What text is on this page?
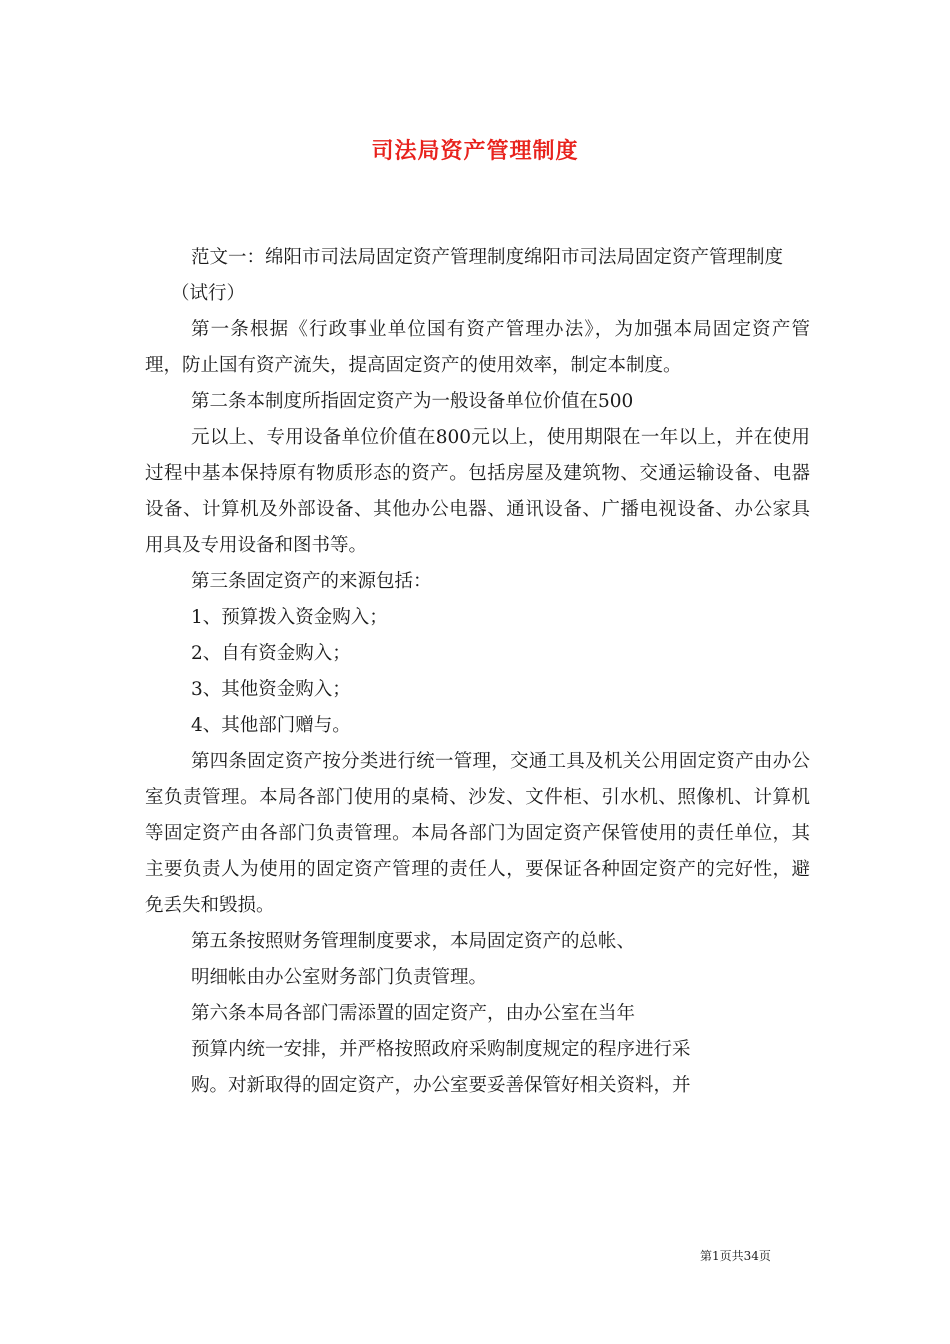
司法局资产管理制度

范文一：绵阳市司法局固定资产管理制度绵阳市司法局固定资产管理制度

（试行）

第一条根据《行政事业单位国有资产管理办法》，为加强本局固定资产管理，防止国有资产流失，提高固定资产的使用效率，制定本制度。

第二条本制度所指固定资产为一般设备单位价值在500

元以上、专用设备单位价值在800元以上，使用期限在一年以上，并在使用过程中基本保持原有物质形态的资产。包括房屋及建筑物、交通运输设备、电器设备、计算机及外部设备、其他办公电器、通讯设备、广播电视设备、办公家具用具及专用设备和图书等。

第三条固定资产的来源包括：

1、预算拨入资金购入；

2、自有资金购入；

3、其他资金购入；

4、其他部门赠与。

第四条固定资产按分类进行统一管理，交通工具及机关公用固定资产由办公室负责管理。本局各部门使用的桌椅、沙发、文件柜、引水机、照像机、计算机等固定资产由各部门负责管理。本局各部门为固定资产保管使用的责任单位，其主要负责人为使用的固定资产管理的责任人，要保证各种固定资产的完好性，避免丢失和毁损。

第五条按照财务管理制度要求，本局固定资产的总帐、

明细帐由办公室财务部门负责管理。

第六条本局各部门需添置的固定资产，由办公室在当年

预算内统一安排，并严格按照政府采购制度规定的程序进行采

购。对新取得的固定资产，办公室要妥善保管好相关资料，并

第1页共34页
